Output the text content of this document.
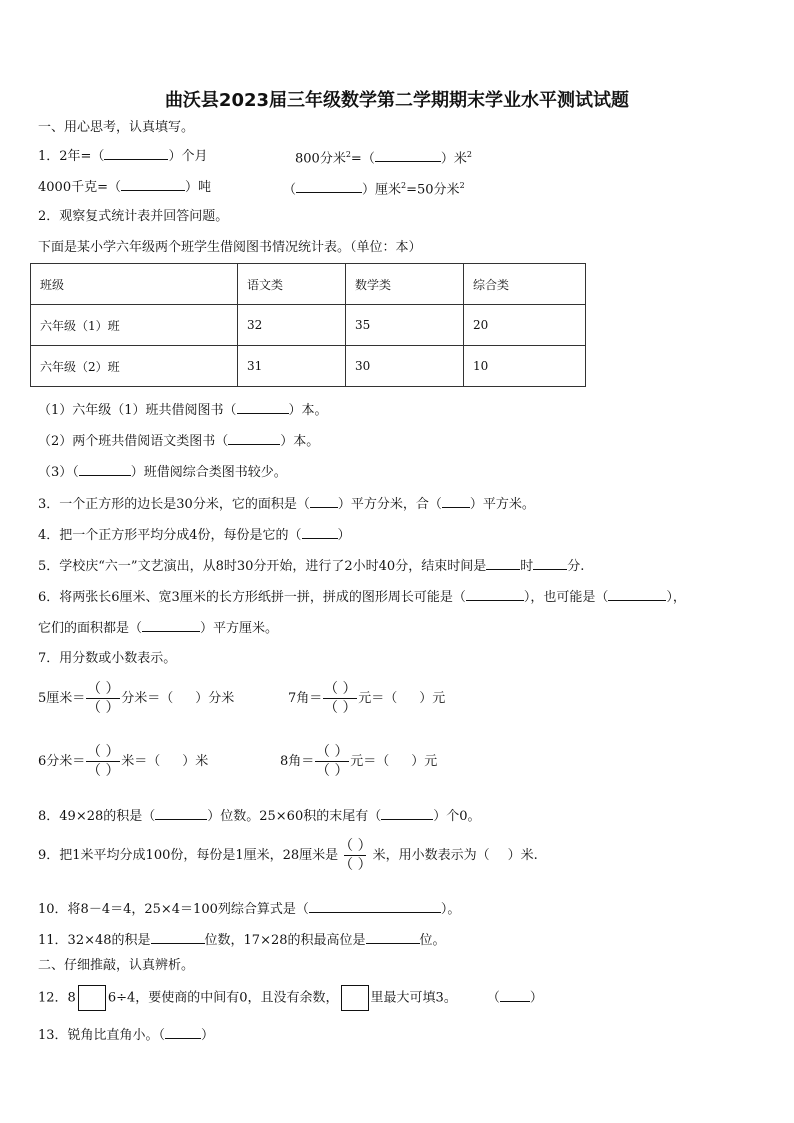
曲沃县2023届三年级数学第二学期期末学业水平测试试题
一、用心思考，认真填写。
1．2年=（	）个月	800分米$^2$=（	）米$^2$
4000千克=（	）吨	（	）厘米$^2$=50分米$^2$
2．观察复式统计表并回答问题。
下面是某小学六年级两个班学生借阅图书情况统计表。（单位：本）
班级	语文类	数学类	综合类
六年级（1）班	32	35	20
六年级（2）班	31	30	10
（1）六年级（1）班共借阅图书（	）本。
（2）两个班共借阅语文类图书（	）本。
（3）（	）班借阅综合类图书较少。
3．一个正方形的边长是30分米，它的面积是（ ）平方分米，合（ ）平方米。
4．把一个正方形平均分成4份，每份是它的（	）
5．学校庆“六一”文艺演出，从8时30分开始，进行了2小时40分，结束时间是	时	分.
6．将两张长6厘米、宽3厘米的长方形纸拼一拼，拼成的图形周长可能是（	），也可能是（	），
它们的面积都是（	）平方厘米。
7．用分数或小数表示。
5厘米＝ $\frac{( )}{( )}$ 分米＝（ ）分米	7角＝ $\frac{( )}{( )}$ 元＝（ ）元
6分米＝ $\frac{( )}{( )}$ 米＝（ ）米	8角＝ $\frac{( )}{( )}$ 元＝（ ）元
8．49×28的积是（	）位数。25×60积的末尾有（	）个0。
9．把1米平均分成100份，每份是1厘米，28厘米是 $\frac{( )}{( )}$ 米，用小数表示为（ ）米.
10．将8－4＝4，25×4＝100列综合算式是（	）。
11．32×48的积是	位数，17×28的积最高位是	位。
二、仔细推敲，认真辨析。
12．8 6÷4，要使商的中间有0，且没有余数， 里最大可填3。 （ ）
13．锐角比直角小。（	）
